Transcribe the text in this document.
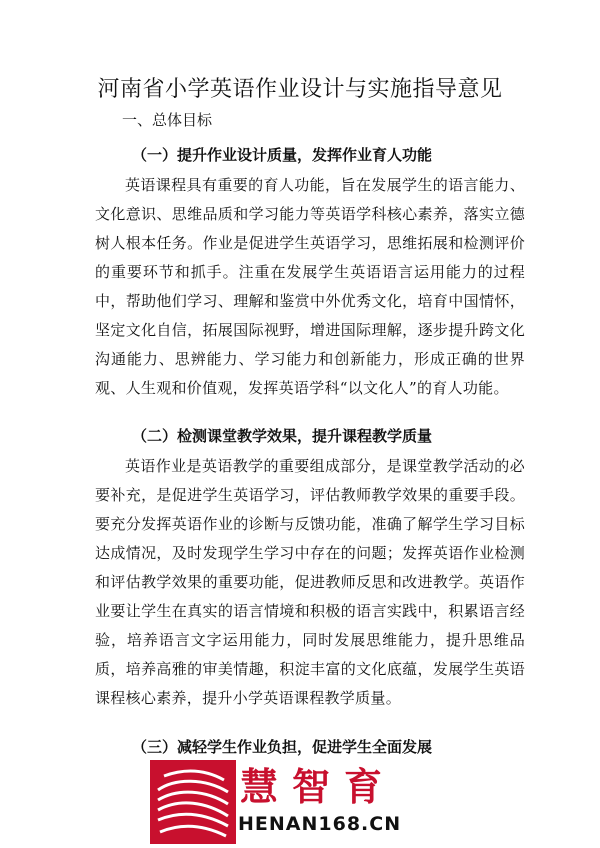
河南省小学英语作业设计与实施指导意见
一、总体目标
（一）提升作业设计质量，发挥作业育人功能

英语课程具有重要的育人功能，旨在发展学生的语言能力、文化意识、思维品质和学习能力等英语学科核心素养，落实立德树人根本任务。作业是促进学生英语学习，思维拓展和检测评价的重要环节和抓手。注重在发展学生英语语言运用能力的过程中，帮助他们学习、理解和鉴赏中外优秀文化，培育中国情怀，坚定文化自信，拓展国际视野，增进国际理解，逐步提升跨文化沟通能力、思辨能力、学习能力和创新能力，形成正确的世界观、人生观和价值观，发挥英语学科“以文化人”的育人功能。

（二）检测课堂教学效果，提升课程教学质量

英语作业是英语教学的重要组成部分，是课堂教学活动的必要补充，是促进学生英语学习，评估教师教学效果的重要手段。要充分发挥英语作业的诊断与反馈功能，准确了解学生学习目标达成情况，及时发现学生学习中存在的问题；发挥英语作业检测和评估教学效果的重要功能，促进教师反思和改进教学。英语作业要让学生在真实的语言情境和积极的语言实践中，积累语言经验，培养语言文字运用能力，同时发展思维能力，提升思维品质，培养高雅的审美情趣，积淀丰富的文化底蕴，发展学生英语课程核心素养，提升小学英语课程教学质量。

（三）减轻学生作业负担，促进学生全面发展
慧智育
HENAN168.CN
